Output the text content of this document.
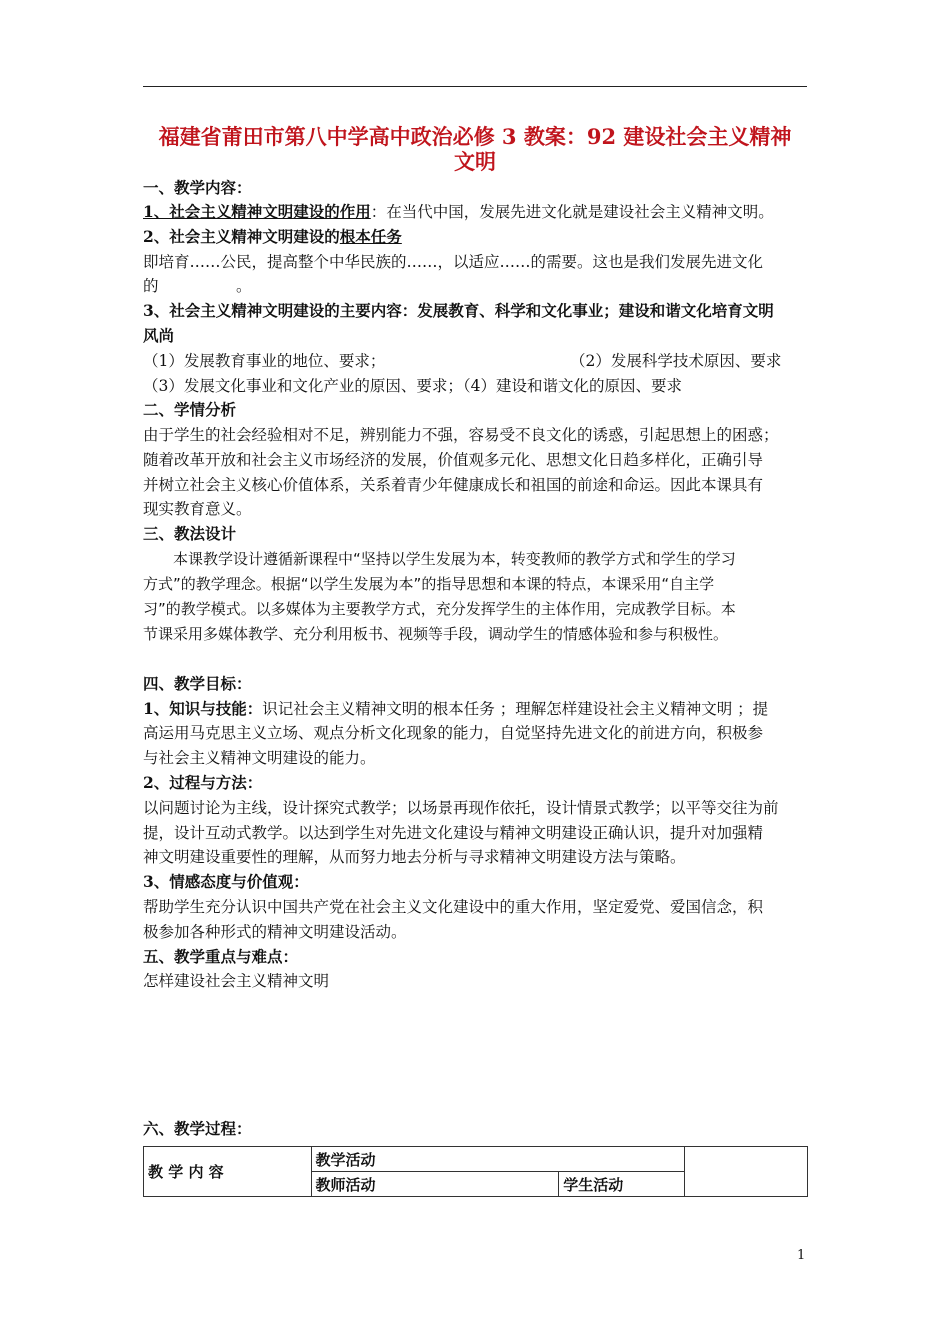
福建省莆田市第八中学高中政治必修 3 教案：92 建设社会主义精神
文明
一、教学内容：
1、社会主义精神文明建设的作用：在当代中国，发展先进文化就是建设社会主义精神文明。
2、社会主义精神文明建设的根本任务
即培育……公民，提高整个中华民族的……，以适应……的需要。这也是我们发展先进文化
的　　　　　。
3、社会主义精神文明建设的主要内容：发展教育、科学和文化事业；建设和谐文化培育文明
风尚
（1）发展教育事业的地位、要求；	（2）发展科学技术原因、要求
（3）发展文化事业和文化产业的原因、要求；（4）建设和谐文化的原因、要求
二、学情分析
由于学生的社会经验相对不足，辨别能力不强，容易受不良文化的诱惑，引起思想上的困惑；
随着改革开放和社会主义市场经济的发展，价值观多元化、思想文化日趋多样化，正确引导
并树立社会主义核心价值体系，关系着青少年健康成长和祖国的前途和命运。因此本课具有
现实教育意义。
三、教法设计
　　本课教学设计遵循新课程中“坚持以学生发展为本，转变教师的教学方式和学生的学习
方式”的教学理念。根据“以学生发展为本”的指导思想和本课的特点，本课采用“自主学
习”的教学模式。以多媒体为主要教学方式，充分发挥学生的主体作用，完成教学目标。本
节课采用多媒体教学、充分利用板书、视频等手段，调动学生的情感体验和参与积极性。
四、教学目标：
1、知识与技能：识记社会主义精神文明的根本任务 ；理解怎样建设社会主义精神文明 ；提
高运用马克思主义立场、观点分析文化现象的能力，自觉坚持先进文化的前进方向，积极参
与社会主义精神文明建设的能力。
2、过程与方法：
以问题讨论为主线，设计探究式教学；以场景再现作依托，设计情景式教学；以平等交往为前
提，设计互动式教学。以达到学生对先进文化建设与精神文明建设正确认识，提升对加强精
神文明建设重要性的理解，从而努力地去分析与寻求精神文明建设方法与策略。
3、情感态度与价值观：
帮助学生充分认识中国共产党在社会主义文化建设中的重大作用，坚定爱党、爱国信念，积
极参加各种形式的精神文明建设活动。
五、教学重点与难点：
怎样建设社会主义精神文明
六、教学过程：
教 学 内 容	教学活动		
	教师活动	学生活动	
1
